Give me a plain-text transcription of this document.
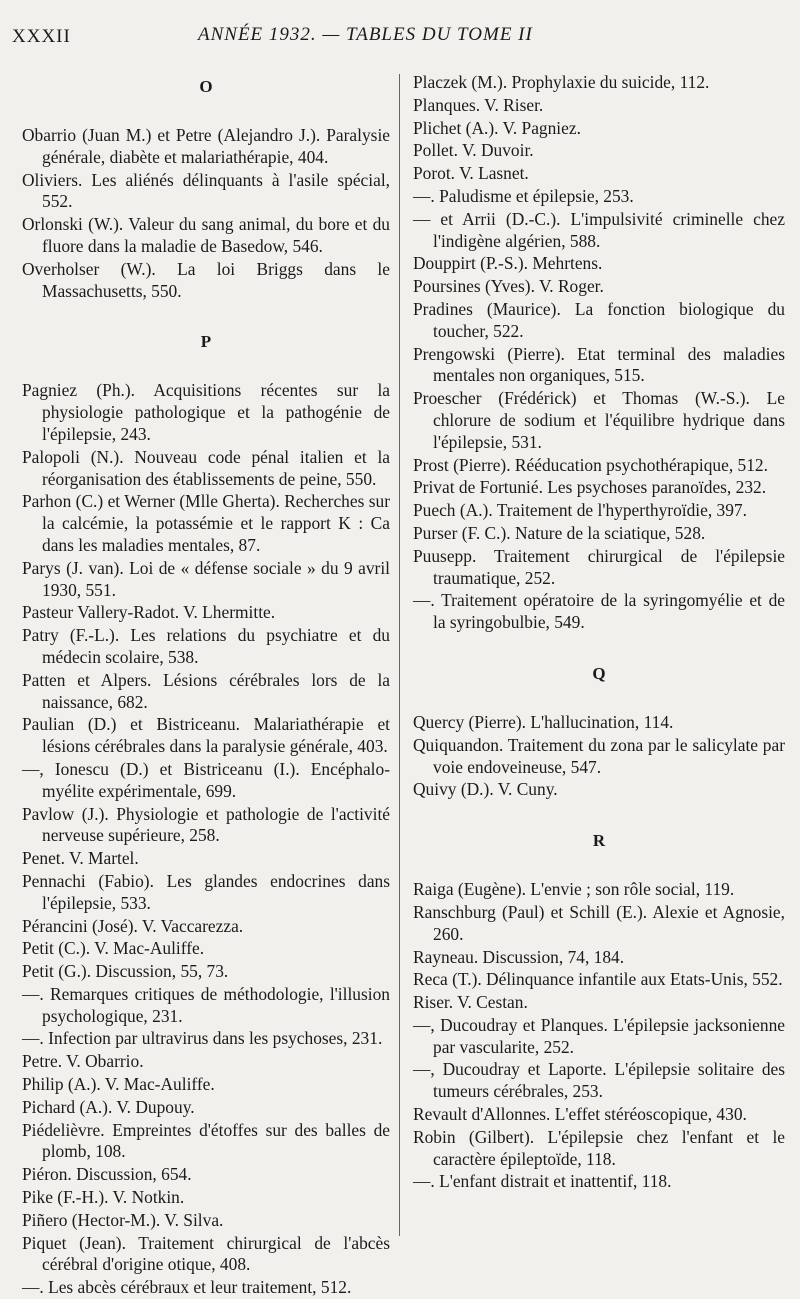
XXXII	ANNÉE 1932. — TABLES DU TOME II
O

Obarrio (Juan M.) et Petre (Alejandro J.). Paralysie générale, diabète et malariathérapie, 404.

Oliviers. Les aliénés délinquants à l'asile spécial, 552.

Orlonski (W.). Valeur du sang animal, du bore et du fluore dans la maladie de Basedow, 546.

Overholser (W.). La loi Briggs dans le Massachusetts, 550.

P

Pagniez (Ph.). Acquisitions récentes sur la physiologie pathologique et la pathogénie de l'épilepsie, 243.

Palopoli (N.). Nouveau code pénal italien et la réorganisation des établissements de peine, 550.

Parhon (C.) et Werner (Mlle Gherta). Recherches sur la calcémie, la potassémie et le rapport K : Ca dans les maladies mentales, 87.

Parys (J. van). Loi de « défense sociale » du 9 avril 1930, 551.

Pasteur Vallery-Radot. V. Lhermitte.

Patry (F.-L.). Les relations du psychiatre et du médecin scolaire, 538.

Patten et Alpers. Lésions cérébrales lors de la naissance, 682.

Paulian (D.) et Bistriceanu. Malariathérapie et lésions cérébrales dans la paralysie générale, 403.

—, Ionescu (D.) et Bistriceanu (I.). Encéphalo-myélite expérimentale, 699.

Pavlow (J.). Physiologie et pathologie de l'activité nerveuse supérieure, 258.

Penet. V. Martel.

Pennachi (Fabio). Les glandes endocrines dans l'épilepsie, 533.

Pérancini (José). V. Vaccarezza.

Petit (C.). V. Mac-Auliffe.

Petit (G.). Discussion, 55, 73.

—. Remarques critiques de méthodologie, l'illusion psychologique, 231.

—. Infection par ultravirus dans les psychoses, 231.

Petre. V. Obarrio.

Philip (A.). V. Mac-Auliffe.

Pichard (A.). V. Dupouy.

Piédelièvre. Empreintes d'étoffes sur des balles de plomb, 108.

Piéron. Discussion, 654.

Pike (F.-H.). V. Notkin.

Piñero (Hector-M.). V. Silva.

Piquet (Jean). Traitement chirurgical de l'abcès cérébral d'origine otique, 408.

—. Les abcès cérébraux et leur traitement, 512.

Placzek (M.). Prophylaxie du suicide, 112.

Planques. V. Riser.

Plichet (A.). V. Pagniez.

Pollet. V. Duvoir.

Porot. V. Lasnet.

—. Paludisme et épilepsie, 253.

— et Arrii (D.-C.). L'impulsivité criminelle chez l'indigène algérien, 588.

Douppirt (P.-S.). Mehrtens.

Poursines (Yves). V. Roger.

Pradines (Maurice). La fonction biologique du toucher, 522.

Prengowski (Pierre). Etat terminal des maladies mentales non organiques, 515.

Proescher (Frédérick) et Thomas (W.-S.). Le chlorure de sodium et l'équilibre hydrique dans l'épilepsie, 531.

Prost (Pierre). Rééducation psychothérapique, 512.

Privat de Fortunié. Les psychoses paranoïdes, 232.

Puech (A.). Traitement de l'hyperthyroïdie, 397.

Purser (F. C.). Nature de la sciatique, 528.

Puusepp. Traitement chirurgical de l'épilepsie traumatique, 252.

—. Traitement opératoire de la syringomyélie et de la syringobulbie, 549.

Q

Quercy (Pierre). L'hallucination, 114.

Quiquandon. Traitement du zona par le salicylate par voie endoveineuse, 547.

Quivy (D.). V. Cuny.

R

Raiga (Eugène). L'envie ; son rôle social, 119.

Ranschburg (Paul) et Schill (E.). Alexie et Agnosie, 260.

Rayneau. Discussion, 74, 184.

Reca (T.). Délinquance infantile aux Etats-Unis, 552.

Riser. V. Cestan.

—, Ducoudray et Planques. L'épilepsie jacksonienne par vascularite, 252.

—, Ducoudray et Laporte. L'épilepsie solitaire des tumeurs cérébrales, 253.

Revault d'Allonnes. L'effet stéréoscopique, 430.

Robin (Gilbert). L'épilepsie chez l'enfant et le caractère épileptoïde, 118.

—. L'enfant distrait et inattentif, 118.
